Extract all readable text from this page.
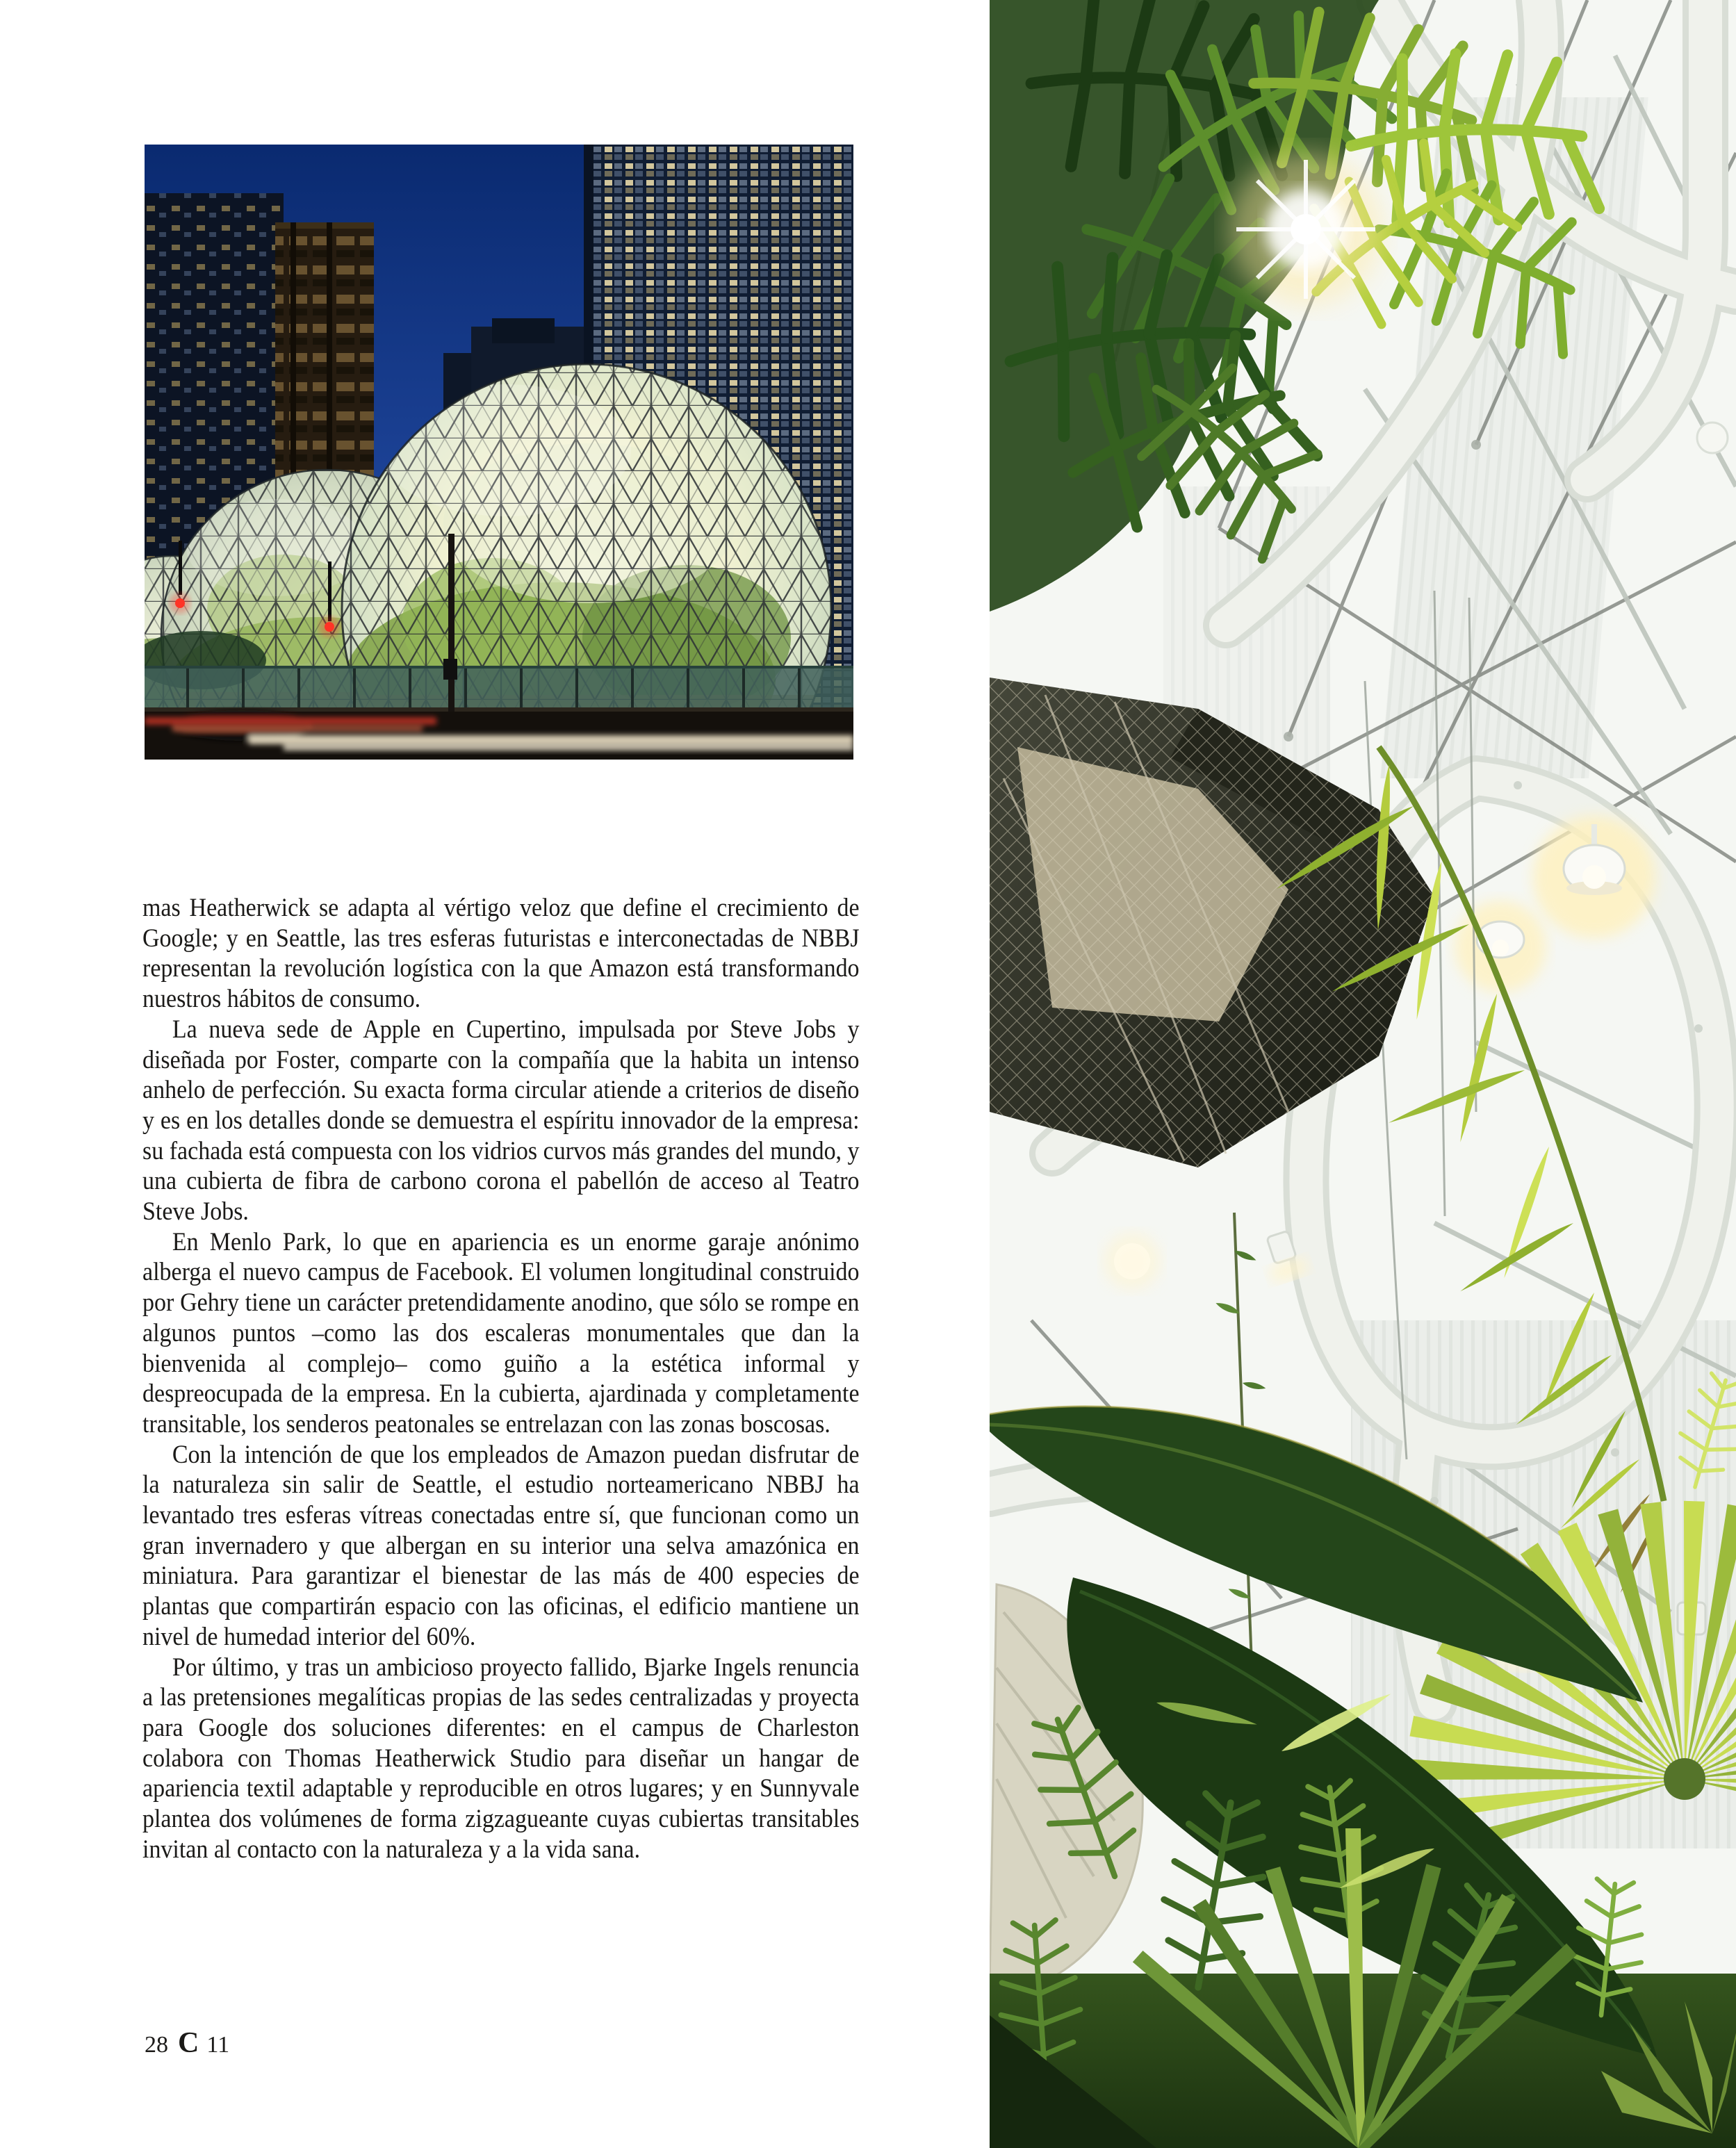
mas Heatherwick se adapta al vértigo veloz que define el crecimiento de Google; y en Seattle, las tres esferas futuristas e interconectadas de NBBJ representan la revolución logística con la que Amazon está transformando nuestros hábitos de consumo.

La nueva sede de Apple en Cupertino, impulsada por Steve Jobs y diseñada por Foster, comparte con la compañía que la habita un intenso anhelo de perfección. Su exacta forma circular atiende a criterios de diseño y es en los detalles donde se demuestra el espíritu innovador de la empresa: su fachada está compuesta con los vidrios curvos más grandes del mundo, y una cubierta de fibra de carbono corona el pabellón de acceso al Teatro Steve Jobs.

En Menlo Park, lo que en apariencia es un enorme garaje anónimo alberga el nuevo campus de Facebook. El volumen longitudinal construido por Gehry tiene un carácter pretendidamente anodino, que sólo se rompe en algunos puntos –como las dos escaleras monumentales que dan la bienvenida al complejo– como guiño a la estética informal y despreocupada de la empresa. En la cubierta, ajardinada y completamente transitable, los senderos peatonales se entrelazan con las zonas boscosas.

Con la intención de que los empleados de Amazon puedan disfrutar de la naturaleza sin salir de Seattle, el estudio norteamericano NBBJ ha levantado tres esferas vítreas conectadas entre sí, que funcionan como un gran invernadero y que albergan en su interior una selva amazónica en miniatura. Para garantizar el bienestar de las más de 400 especies de plantas que compartirán espacio con las oficinas, el edificio mantiene un nivel de humedad interior del 60%.

Por último, y tras un ambicioso proyecto fallido, Bjarke Ingels renuncia a las pretensiones megalíticas propias de las sedes centralizadas y proyecta para Google dos soluciones diferentes: en el campus de Charleston colabora con Thomas Heatherwick Studio para diseñar un hangar de apariencia textil adaptable y reproducible en otros lugares; y en Sunnyvale plantea dos volúmenes de forma zigzagueante cuyas cubiertas transitables invitan al contacto con la naturaleza y a la vida sana.

28 C 11
